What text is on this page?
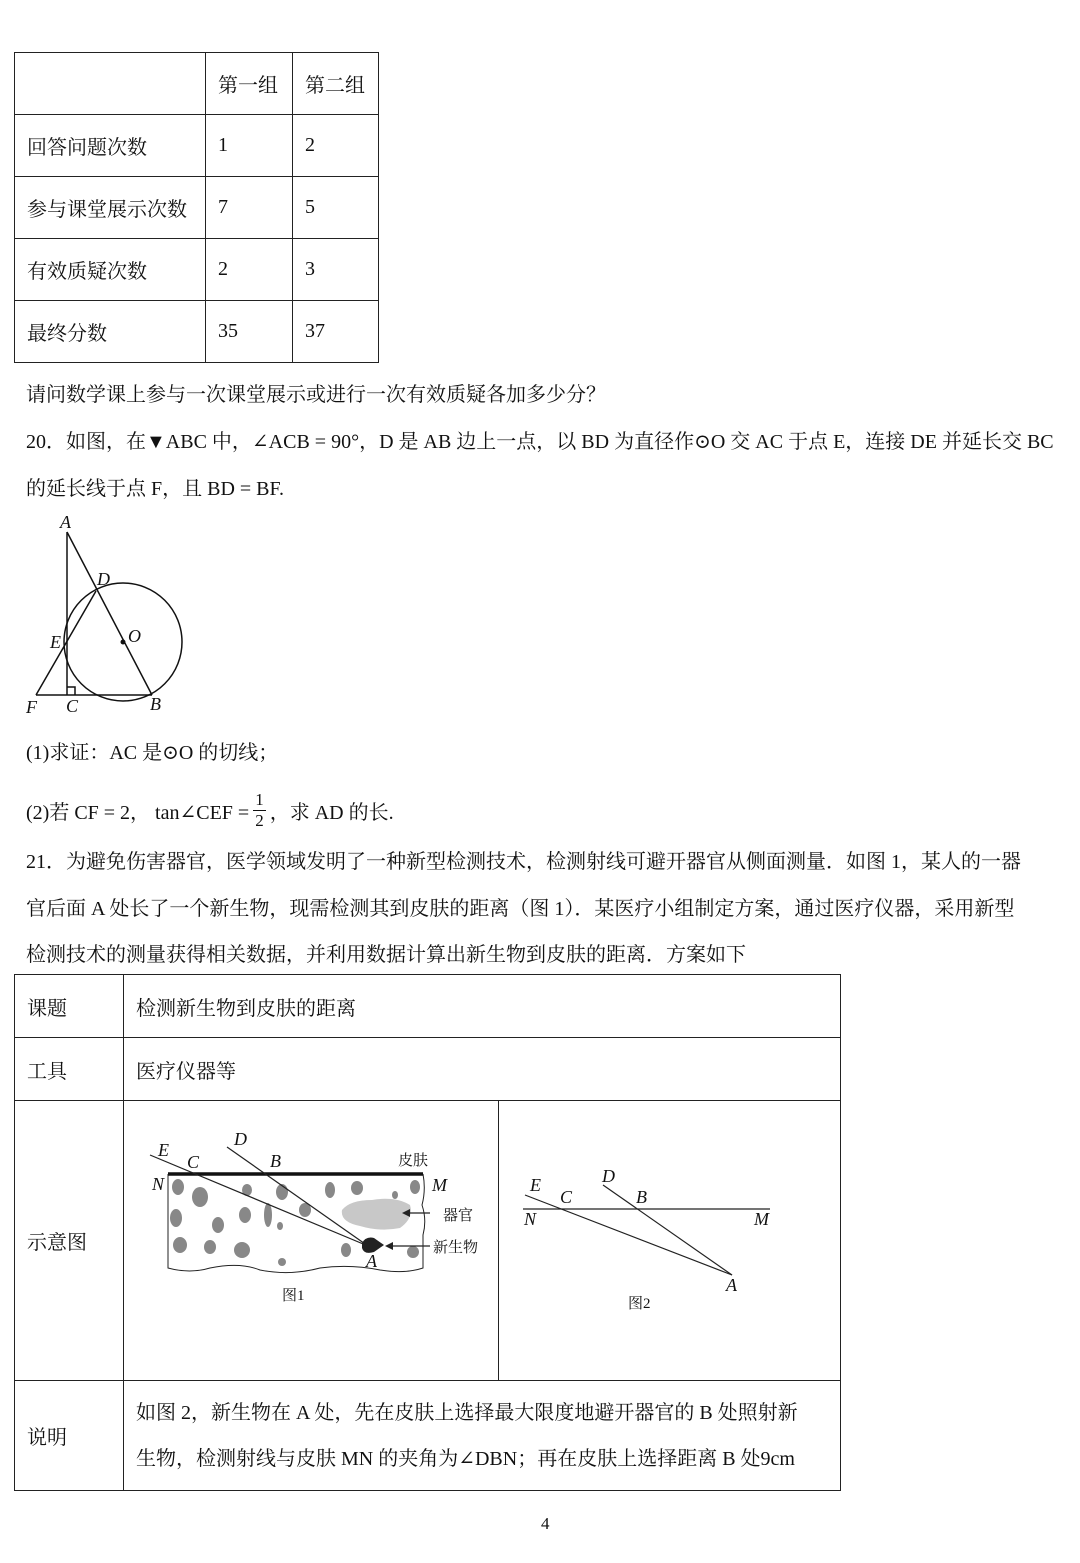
	第一组	第二组
回答问题次数	1	2
参与课堂展示次数	7	5
有效质疑次数	2	3
最终分数	35	37
请问数学课上参与一次课堂展示或进行一次有效质疑各加多少分？
20．如图，在▼ABC 中，∠ACB = 90°，D 是 AB 边上一点，以 BD 为直径作⊙O 交 AC 于点 E，连接 DE 并延长交 BC
的延长线于点 F，且 BD = BF.
A
D
E	O
F C	B
(1)求证：AC 是⊙O 的切线；
(2)若 CF = 2， tan∠CEF = $\frac{1}{2}$ ，求 AD 的长.
21．为避免伤害器官，医学领域发明了一种新型检测技术，检测射线可避开器官从侧面测量．如图 1，某人的一器
官后面 A 处长了一个新生物，现需检测其到皮肤的距离（图 1）．某医疗小组制定方案，通过医疗仪器，采用新型
检测技术的测量获得相关数据，并利用数据计算出新生物到皮肤的距离．方案如下
课题	检测新生物到皮肤的距离	
工具	医疗仪器等	
示意图		
说明	如图 2，新生物在 A 处，先在皮肤上选择最大限度地避开器官的 B 处照射新
生物，检测射线与皮肤 MN 的夹角为∠DBN；再在皮肤上选择距离 B 处9cm	
E
C
D
B	皮肤
N	M
器官
新生物
A
图1
E
C
D
B
N	M
A
图2
4
